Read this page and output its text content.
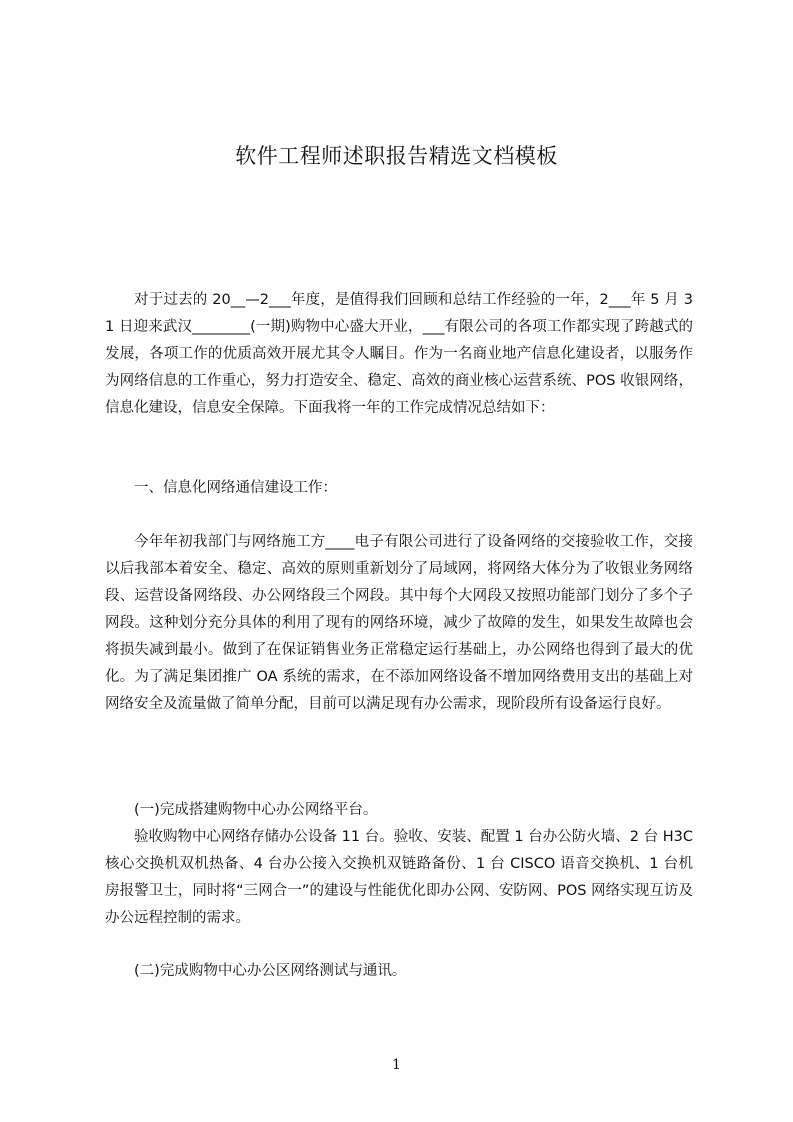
软件工程师述职报告精选文档模板

对于过去的 20__—2___年度，是值得我们回顾和总结工作经验的一年，2___年 5 月 31 日迎来武汉________(一期)购物中心盛大开业，___有限公司的各项工作都实现了跨越式的发展，各项工作的优质高效开展尤其令人瞩目。作为一名商业地产信息化建设者，以服务作为网络信息的工作重心，努力打造安全、稳定、高效的商业核心运营系统、POS 收银网络，信息化建设，信息安全保障。下面我将一年的工作完成情况总结如下：

一、信息化网络通信建设工作：

今年年初我部门与网络施工方____电子有限公司进行了设备网络的交接验收工作，交接以后我部本着安全、稳定、高效的原则重新划分了局域网，将网络大体分为了收银业务网络段、运营设备网络段、办公网络段三个网段。其中每个大网段又按照功能部门划分了多个子网段。这种划分充分具体的利用了现有的网络环境，减少了故障的发生，如果发生故障也会将损失减到最小。做到了在保证销售业务正常稳定运行基础上，办公网络也得到了最大的优化。为了满足集团推广 OA 系统的需求，在不添加网络设备不增加网络费用支出的基础上对网络安全及流量做了简单分配，目前可以满足现有办公需求，现阶段所有设备运行良好。

(一)完成搭建购物中心办公网络平台。

验收购物中心网络存储办公设备 11 台。验收、安装、配置 1 台办公防火墙、2 台 H3C 核心交换机双机热备、4 台办公接入交换机双链路备份、1 台 CISCO 语音交换机、1 台机房报警卫士，同时将“三网合一”的建设与性能优化即办公网、安防网、POS 网络实现互访及办公远程控制的需求。

(二)完成购物中心办公区网络测试与通讯。

1
